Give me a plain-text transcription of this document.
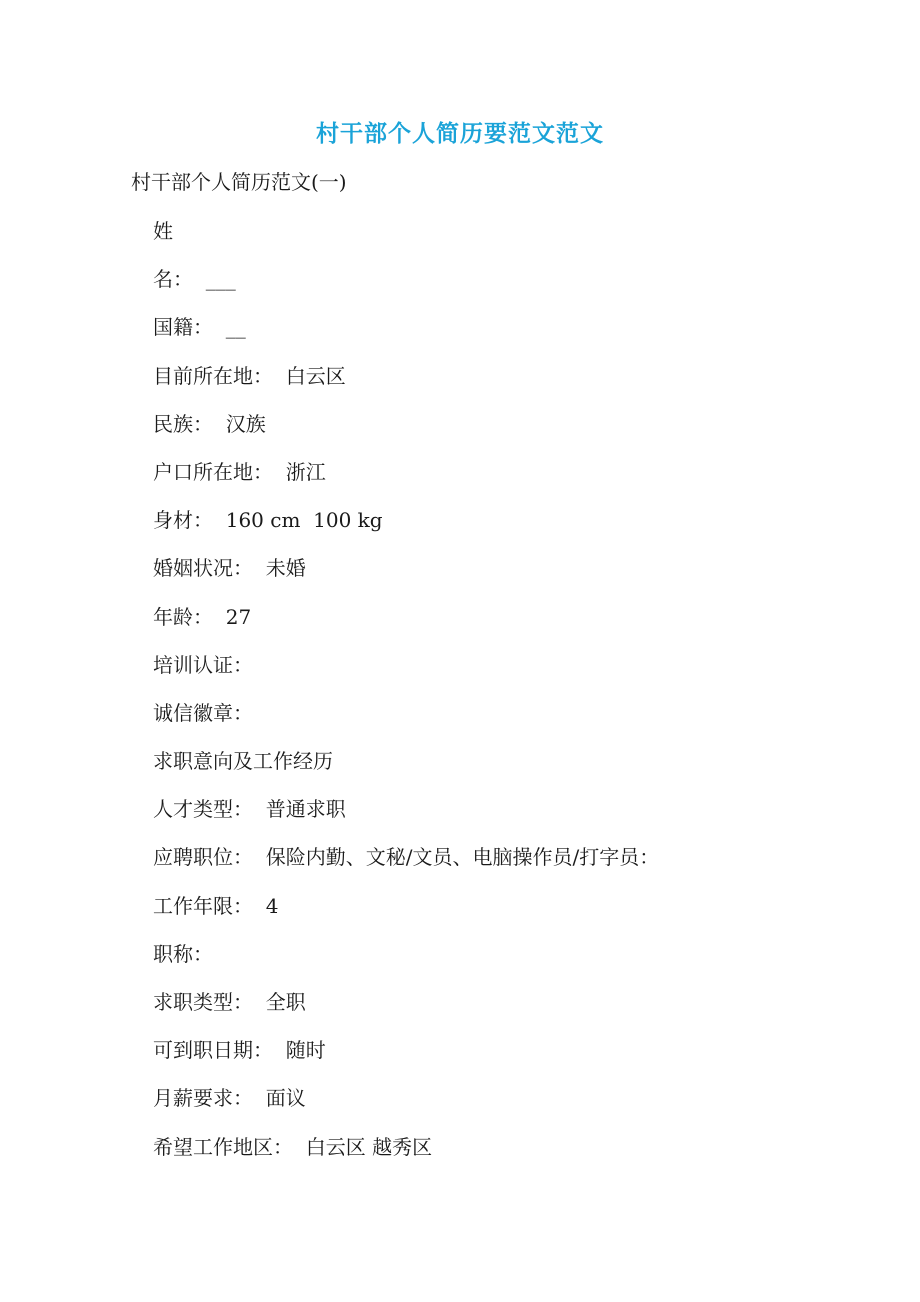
村干部个人简历要范文范文

村干部个人简历范文(一)

姓
名：  ___
国籍：  __
目前所在地：  白云区
民族：  汉族
户口所在地：  浙江
身材：  160 cm  100 kg
婚姻状况：  未婚
年龄：  27
培训认证：
诚信徽章：
求职意向及工作经历
人才类型：  普通求职
应聘职位：  保险内勤、文秘/文员、电脑操作员/打字员：
工作年限：  4
职称：
求职类型：  全职
可到职日期：  随时
月薪要求：  面议
希望工作地区：  白云区 越秀区
